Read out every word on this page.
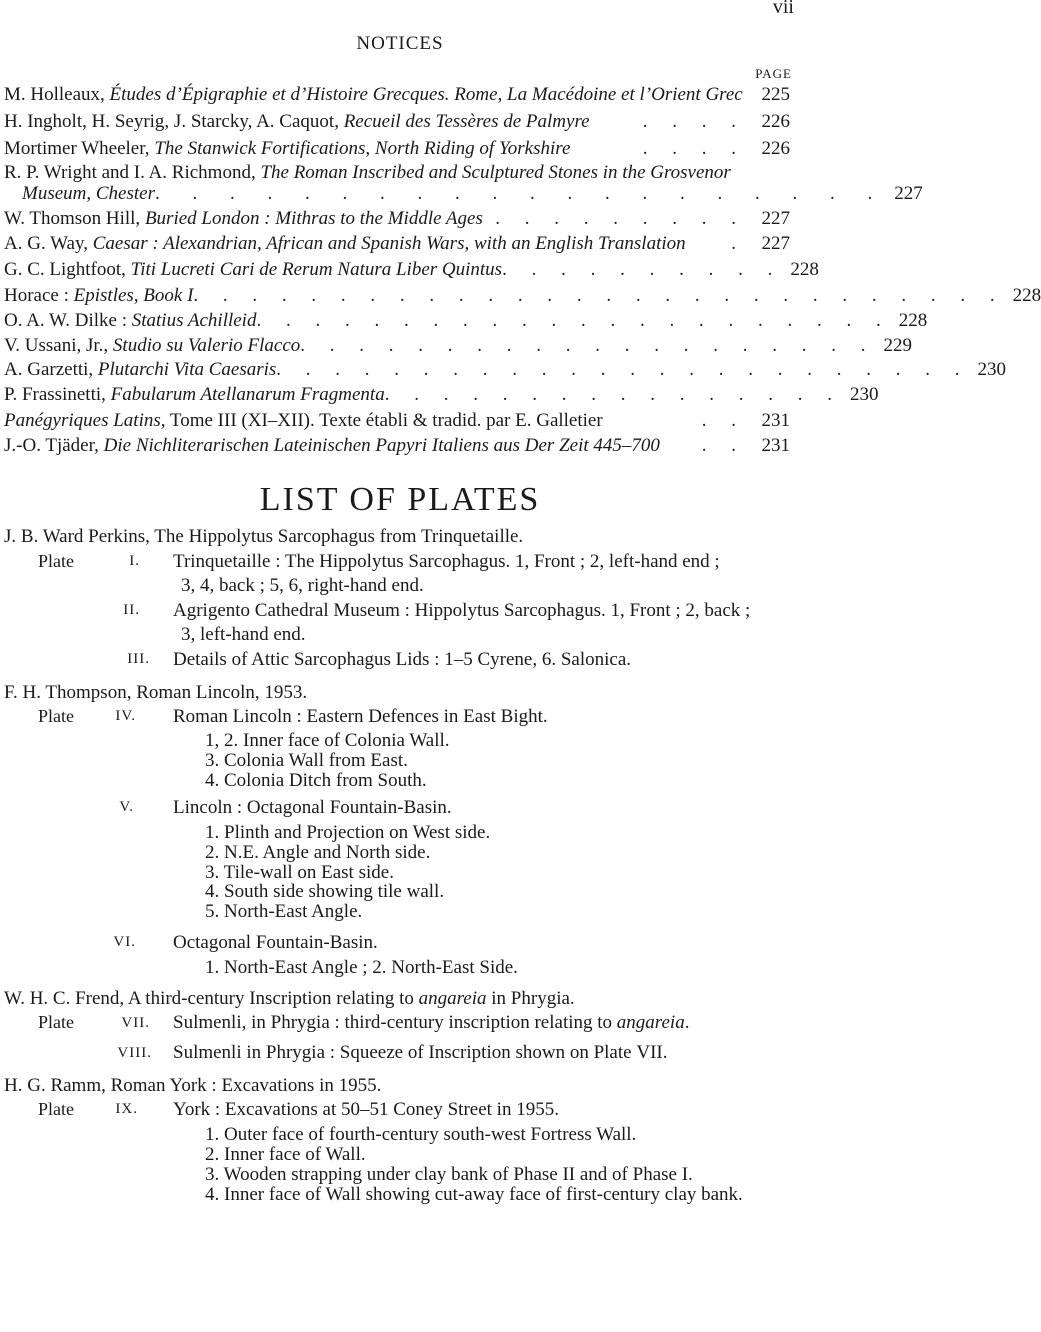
vii
NOTICES
PAGE
M. Holleaux, Études d’Épigraphie et d’Histoire Grecques. Rome, La Macédoine et l’Orient Grec 225
H. Ingholt, H. Seyrig, J. Starcky, A. Caquot, Recueil des Tessères de Palmyre	. . . . 226
Mortimer Wheeler, The Stanwick Fortifications, North Riding of Yorkshire	. . . . 226
R. P. Wright and I. A. Richmond, The Roman Inscribed and Sculptured Stones in the Grosvenor
Museum, Chester . . . . . . . . . . . . . . . . . . . . 227
W. Thomson Hill, Buried London : Mithras to the Middle Ages . . . . . . . . . 227
A. G. Way, Caesar : Alexandrian, African and Spanish Wars, with an English Translation	. 227
G. C. Lightfoot, Titi Lucreti Cari de Rerum Natura Liber Quintus . . . . . . . . . . 228
Horace : Epistles, Book I . . . . . . . . . . . . . . . . . . . . . . . . . . . . 228
O. A. W. Dilke : Statius Achilleid . . . . . . . . . . . . . . . . . . . . . . 228
V. Ussani, Jr., Studio su Valerio Flacco . . . . . . . . . . . . . . . . . . . . 229
A. Garzetti, Plutarchi Vita Caesaris . . . . . . . . . . . . . . . . . . . . . . . . 230
P. Frassinetti, Fabularum Atellanarum Fragmenta . . . . . . . . . . . . . . . . 230
Panégyriques Latins, Tome III (XI–XII). Texte établi & tradid. par E. Galletier	. . 231
J.-O. Tjäder, Die Nichliterarischen Lateinischen Papyri Italiens aus Der Zeit 445–700	. . 231
LIST OF PLATES
J. B. Ward Perkins, The Hippolytus Sarcophagus from Trinquetaille.
Plate	I. Trinquetaille : The Hippolytus Sarcophagus. 1, Front ; 2, left-hand end ;
3, 4, back ; 5, 6, right-hand end.
II. Agrigento Cathedral Museum : Hippolytus Sarcophagus. 1, Front ; 2, back ;
3, left-hand end.
III. Details of Attic Sarcophagus Lids : 1–5 Cyrene, 6. Salonica.
F. H. Thompson, Roman Lincoln, 1953.
Plate	IV. Roman Lincoln : Eastern Defences in East Bight.
1, 2. Inner face of Colonia Wall.
3. Colonia Wall from East.
4. Colonia Ditch from South.
V. Lincoln : Octagonal Fountain-Basin.
1. Plinth and Projection on West side.
2. N.E. Angle and North side.
3. Tile-wall on East side.
4. South side showing tile wall.
5. North-East Angle.
VI. Octagonal Fountain-Basin.
1. North-East Angle ; 2. North-East Side.
W. H. C. Frend, A third-century Inscription relating to angareia in Phrygia.
Plate	VII. Sulmenli, in Phrygia : third-century inscription relating to angareia.
VIII. Sulmenli in Phrygia : Squeeze of Inscription shown on Plate VII.
H. G. Ramm, Roman York : Excavations in 1955.
Plate	IX. York : Excavations at 50–51 Coney Street in 1955.
1. Outer face of fourth-century south-west Fortress Wall.
2. Inner face of Wall.
3. Wooden strapping under clay bank of Phase II and of Phase I.
4. Inner face of Wall showing cut-away face of first-century clay bank.
